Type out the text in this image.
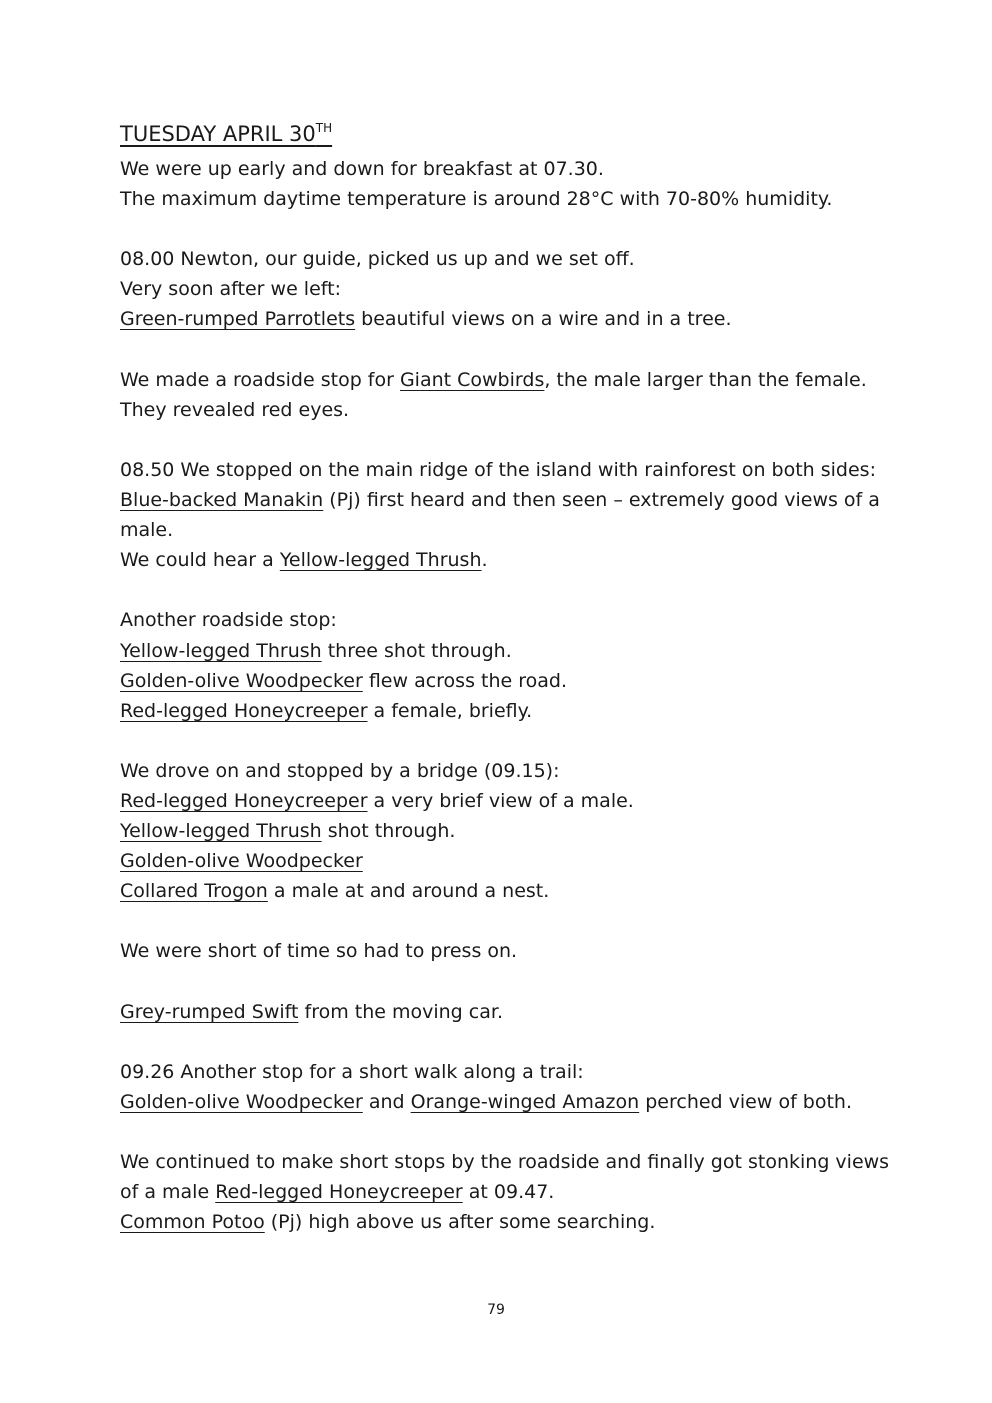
TUESDAY APRIL 30TH
We were up early and down for breakfast at 07.30.
The maximum daytime temperature is around 28°C with 70-80% humidity.
08.00 Newton, our guide, picked us up and we set off.
Very soon after we left:
Green-rumped Parrotlets beautiful views on a wire and in a tree.
We made a roadside stop for Giant Cowbirds, the male larger than the female.
They revealed red eyes.
08.50 We stopped on the main ridge of the island with rainforest on both sides:
Blue-backed Manakin (Pj) first heard and then seen – extremely good views of a
male.
We could hear a Yellow-legged Thrush.
Another roadside stop:
Yellow-legged Thrush three shot through.
Golden-olive Woodpecker flew across the road.
Red-legged Honeycreeper a female, briefly.
We drove on and stopped by a bridge (09.15):
Red-legged Honeycreeper a very brief view of a male.
Yellow-legged Thrush shot through.
Golden-olive Woodpecker
Collared Trogon a male at and around a nest.
We were short of time so had to press on.
Grey-rumped Swift from the moving car.
09.26 Another stop for a short walk along a trail:
Golden-olive Woodpecker and Orange-winged Amazon perched view of both.
We continued to make short stops by the roadside and finally got stonking views
of a male Red-legged Honeycreeper at 09.47.
Common Potoo (Pj) high above us after some searching.
79
